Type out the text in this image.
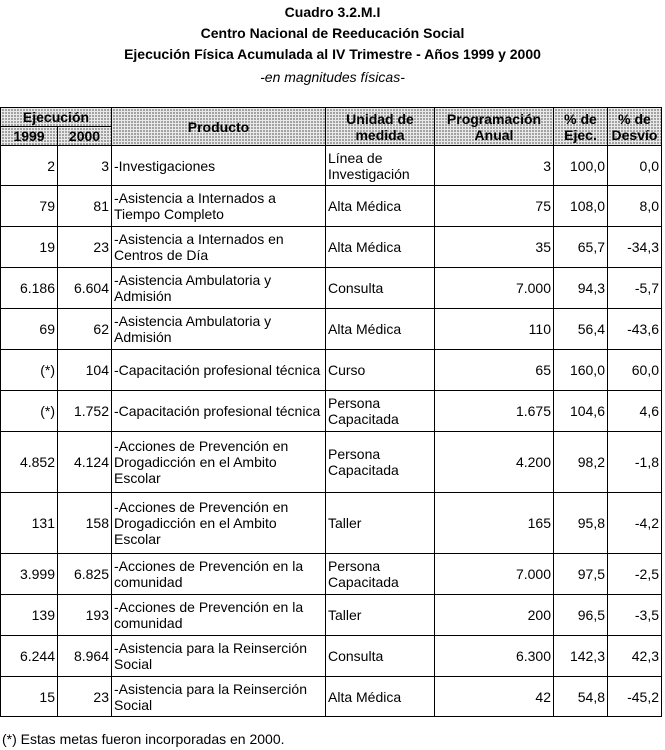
Cuadro 3.2.M.I
Centro Nacional de Reeducación Social
Ejecución Física Acumulada al IV Trimestre - Años 1999 y 2000
-en magnitudes físicas-
Ejecución		Producto	Unidad de medida	Programación Anual	% de Ejec.	% de Desvío
1999	2000					
2	3	-Investigaciones	Línea de Investigación	3	100,0	0,0
79	81	-Asistencia a Internados a Tiempo Completo	Alta Médica	75	108,0	8,0
19	23	-Asistencia a Internados en Centros de Día	Alta Médica	35	65,7	-34,3
6.186	6.604	-Asistencia Ambulatoria y Admisión	Consulta	7.000	94,3	-5,7
69	62	-Asistencia Ambulatoria y Admisión	Alta Médica	110	56,4	-43,6
(*)	104	-Capacitación profesional técnica	Curso	65	160,0	60,0
(*)	1.752	-Capacitación profesional técnica	Persona Capacitada	1.675	104,6	4,6
4.852	4.124	-Acciones de Prevención en Drogadicción en el Ambito Escolar	Persona Capacitada	4.200	98,2	-1,8
131	158	-Acciones de Prevención en Drogadicción en el Ambito Escolar	Taller	165	95,8	-4,2
3.999	6.825	-Acciones de Prevención en la comunidad	Persona Capacitada	7.000	97,5	-2,5
139	193	-Acciones de Prevención en la comunidad	Taller	200	96,5	-3,5
6.244	8.964	-Asistencia para la Reinserción Social	Consulta	6.300	142,3	42,3
15	23	-Asistencia para la Reinserción Social	Alta Médica	42	54,8	-45,2
(*) Estas metas fueron incorporadas en 2000.
